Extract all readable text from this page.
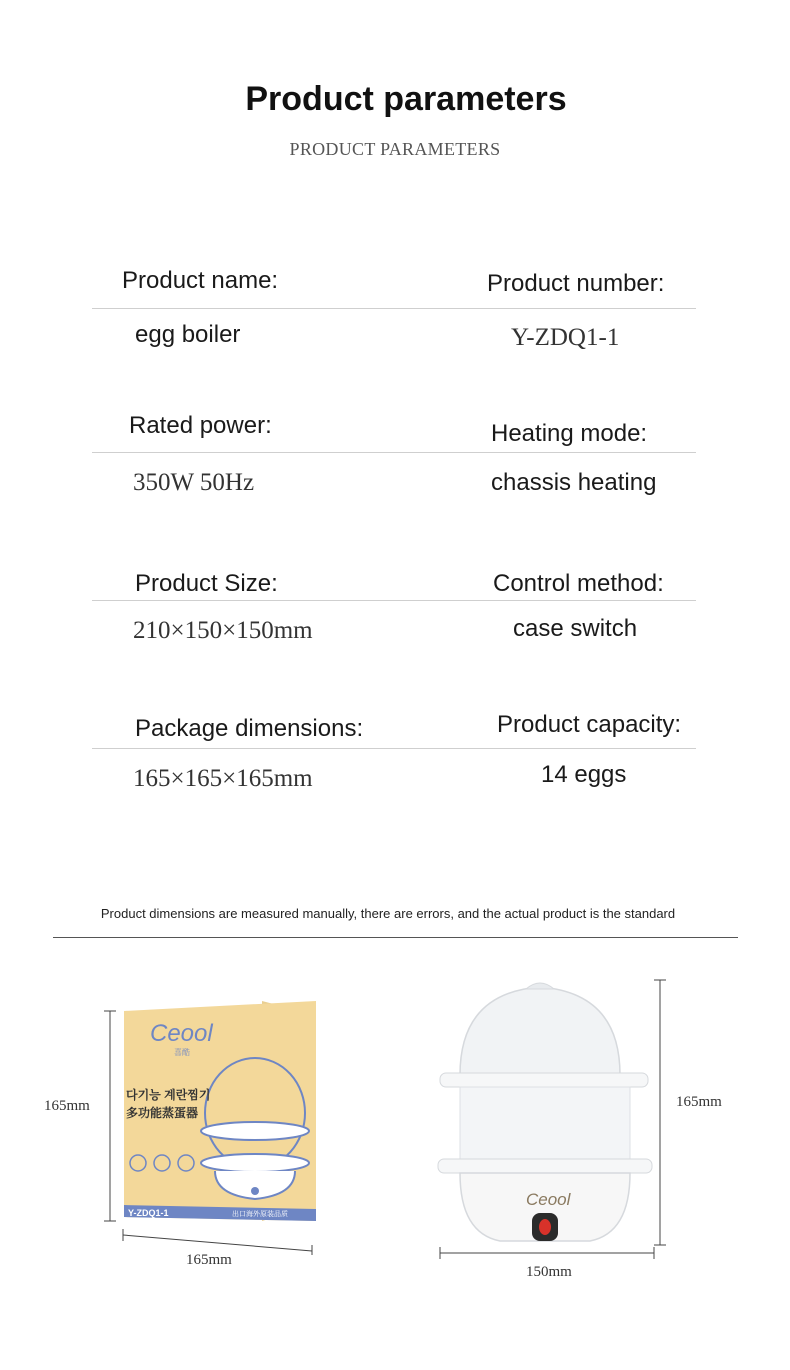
Product parameters
PRODUCT PARAMETERS
Product name:	Product number:
egg boiler	Y-ZDQ1-1
Rated power:	Heating mode:
350W 50Hz	chassis heating
Product Size:	Control method:
210×150×150mm	case switch
Package dimensions:	Product capacity:
165×165×165mm	14 eggs
Product dimensions are measured manually, there are errors, and the actual product is the standard
Ceool
喜酷
다기능 계란찜기
多功能蒸蛋器
Y-ZDQ1-1	出口海外原装品质
165mm
165mm
Ceool
165mm
150mm
